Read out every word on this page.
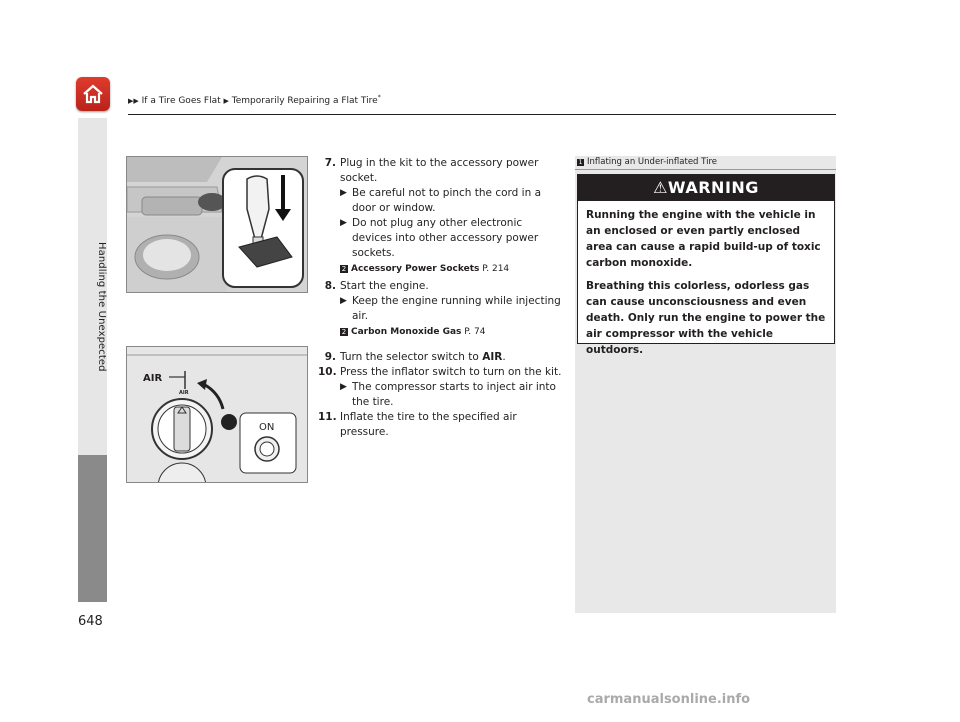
▶▶ If a Tire Goes Flat ▶ Temporarily Repairing a Flat Tire*
Handling the Unexpected
648
AIR
AIR
ON
7. Plug in the kit to the accessory power socket.
▶ Be careful not to pinch the cord in a door or window.
▶ Do not plug any other electronic devices into other accessory power sockets.
2 Accessory Power Sockets P. 214
8. Start the engine.
▶ Keep the engine running while injecting air.
2 Carbon Monoxide Gas P. 74
9. Turn the selector switch to AIR.
10. Press the inflator switch to turn on the kit.
▶ The compressor starts to inject air into the tire.
11. Inflate the tire to the specified air pressure.
1 Inflating an Under-inflated Tire
⚠WARNING

Running the engine with the vehicle in an enclosed or even partly enclosed area can cause a rapid build-up of toxic carbon monoxide.

Breathing this colorless, odorless gas can cause unconsciousness and even death. Only run the engine to power the air compressor with the vehicle outdoors.

carmanualsonline.info
